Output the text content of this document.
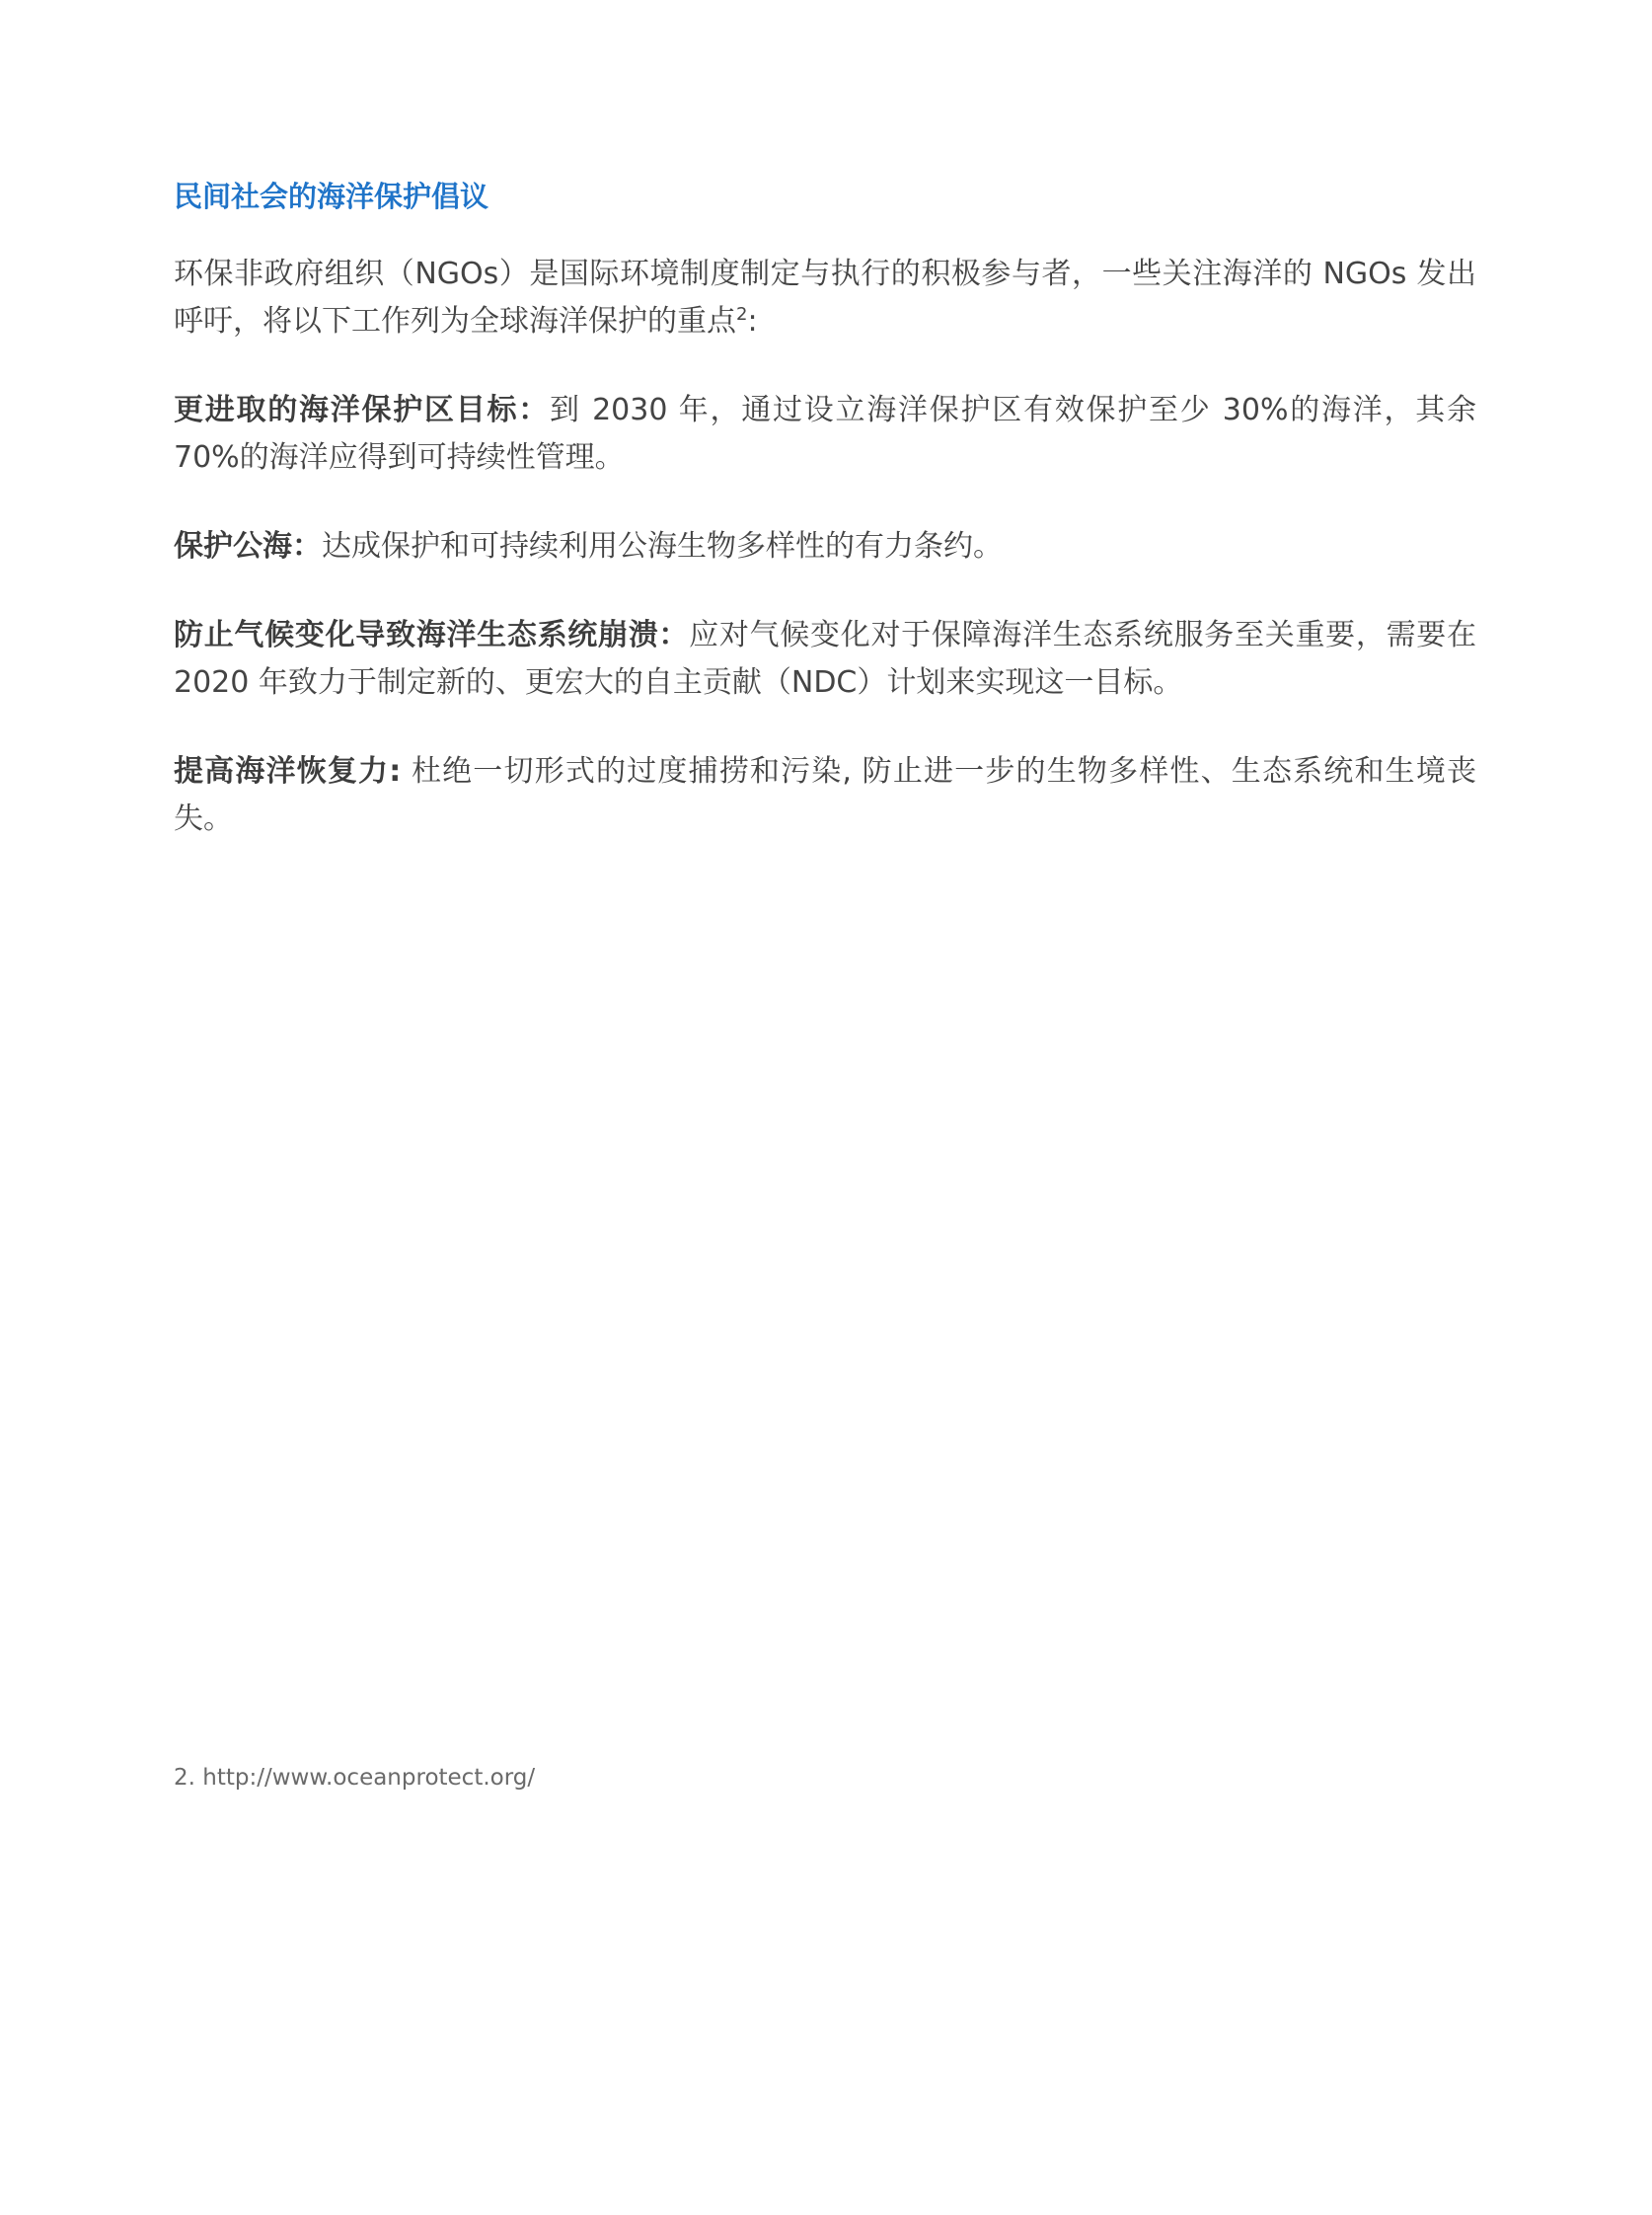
民间社会的海洋保护倡议

环保非政府组织（NGOs）是国际环境制度制定与执行的积极参与者，一些关注海洋的 NGOs 发出呼吁，将以下工作列为全球海洋保护的重点$^2$:

更进取的海洋保护区目标：到 2030 年，通过设立海洋保护区有效保护至少 30%的海洋，其余 70%的海洋应得到可持续性管理。

保护公海：达成保护和可持续利用公海生物多样性的有力条约。

防止气候变化导致海洋生态系统崩溃：应对气候变化对于保障海洋生态系统服务至关重要，需要在 2020 年致力于制定新的、更宏大的自主贡献（NDC）计划来实现这一目标。

提高海洋恢复力: 杜绝一切形式的过度捕捞和污染, 防止进一步的生物多样性、生态系统和生境丧失。

2. http://www.oceanprotect.org/
